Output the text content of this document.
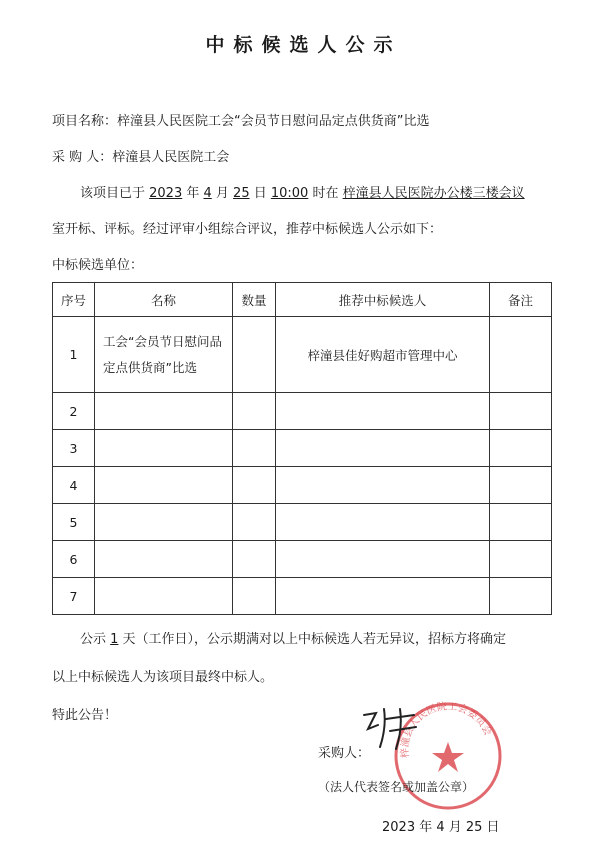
中标候选人公示
项目名称：梓潼县人民医院工会“会员节日慰问品定点供货商”比选
采 购 人：梓潼县人民医院工会
该项目已于 2023 年 4 月 25 日 10:00 时在 梓潼县人民医院办公楼三楼会议
室开标、评标。经过评审小组综合评议，推荐中标候选人公示如下：
中标候选单位：
序号	名称	数量	推荐中标候选人	备注
1	工会“会员节日慰问品定点供货商”比选		梓潼县佳好购超市管理中心	
2				
3				
4				
5				
6				
7				
公示 1 天（工作日），公示期满对以上中标候选人若无异议，招标方将确定
以上中标候选人为该项目最终中标人。
特此公告！
梓潼县人民医院工会委员会
采购人：
（法人代表签名或加盖公章）
2023 年 4 月 25 日
